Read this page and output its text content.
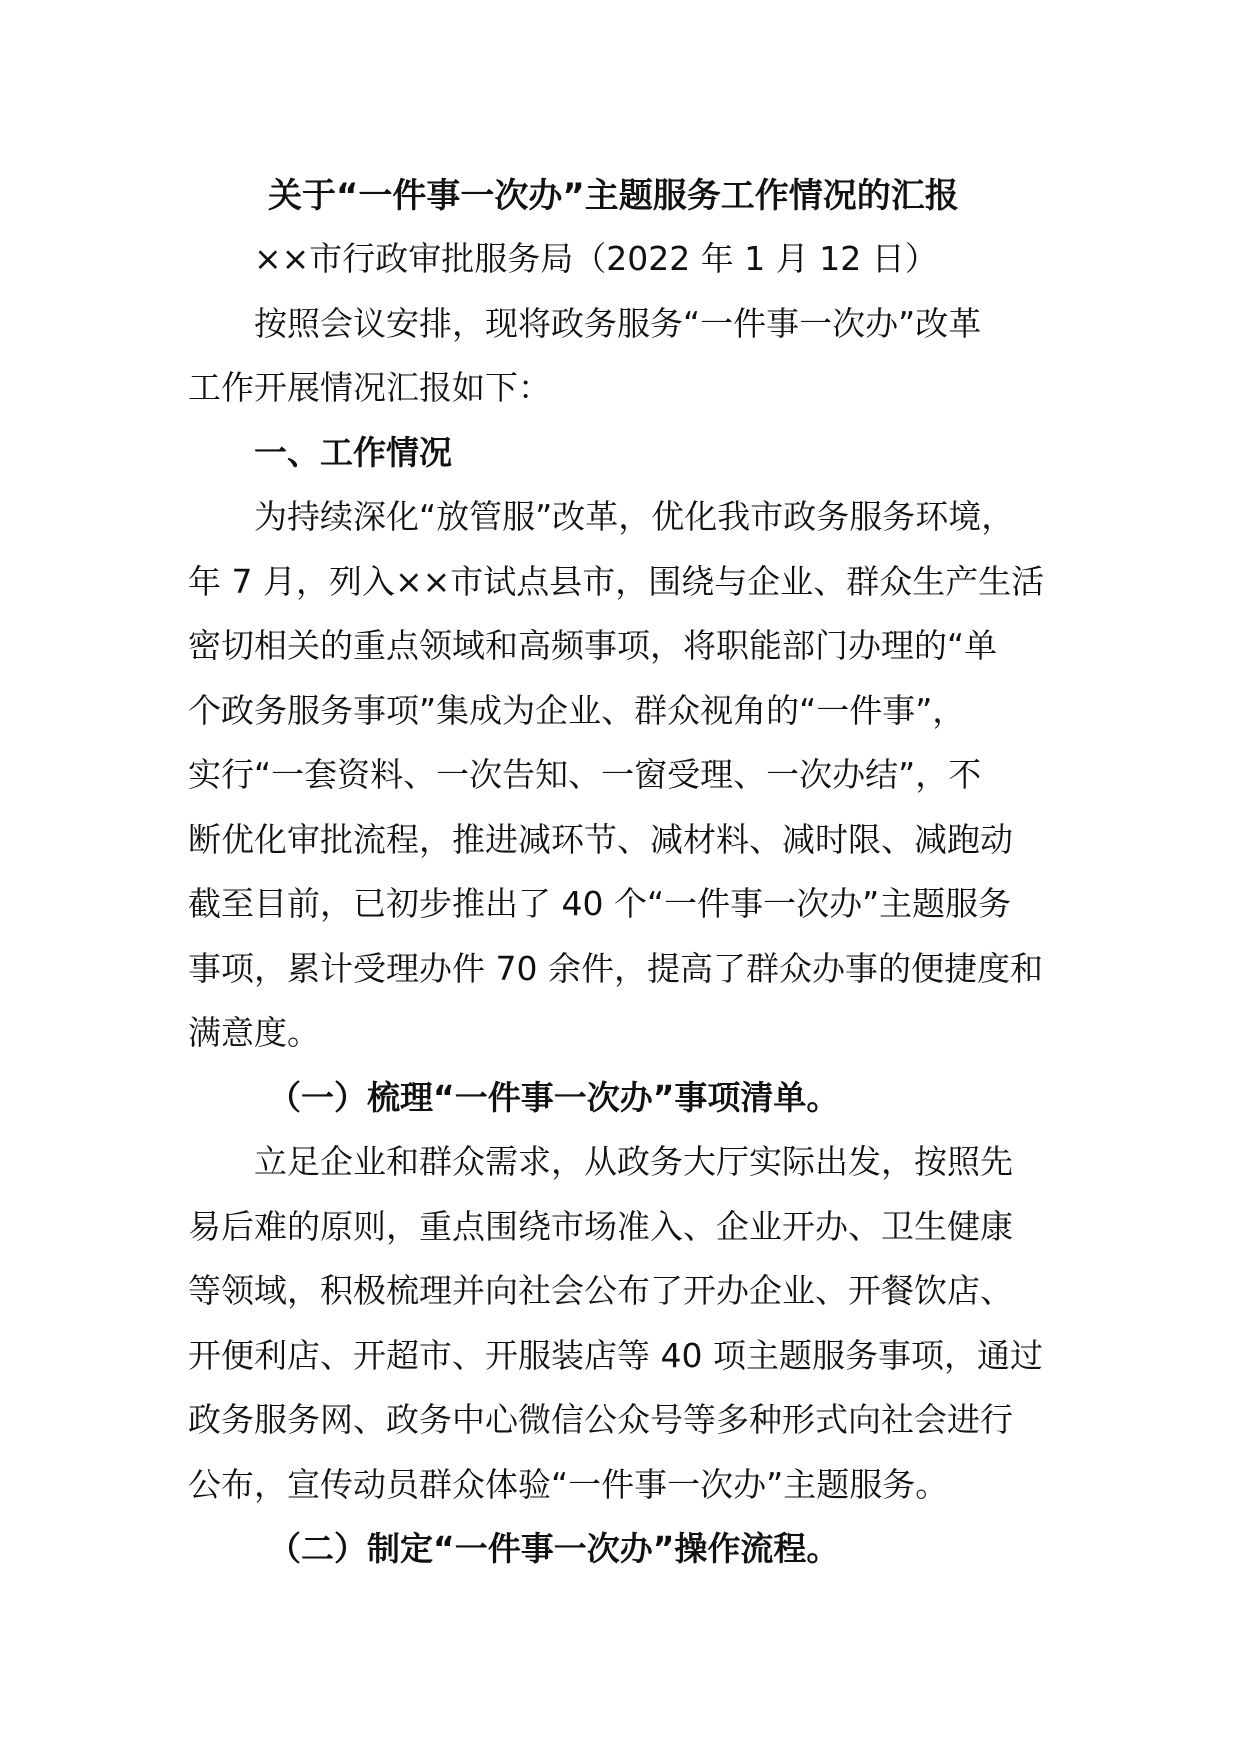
关于“一件事一次办”主题服务工作情况的汇报
××市行政审批服务局（2022 年 1 月 12 日）
按照会议安排，现将政务服务“一件事一次办”改革
工作开展情况汇报如下：
一、工作情况
为持续深化“放管服”改革，优化我市政务服务环境，
年 7 月，列入××市试点县市，围绕与企业、群众生产生活
密切相关的重点领域和高频事项，将职能部门办理的“单
个政务服务事项”集成为企业、群众视角的“一件事”，
实行“一套资料、一次告知、一窗受理、一次办结”，不
断优化审批流程，推进减环节、减材料、减时限、减跑动
截至目前，已初步推出了 40 个“一件事一次办”主题服务
事项，累计受理办件 70 余件，提高了群众办事的便捷度和
满意度。
（一）梳理“一件事一次办”事项清单。
立足企业和群众需求，从政务大厅实际出发，按照先
易后难的原则，重点围绕市场准入、企业开办、卫生健康
等领域，积极梳理并向社会公布了开办企业、开餐饮店、
开便利店、开超市、开服装店等 40 项主题服务事项，通过
政务服务网、政务中心微信公众号等多种形式向社会进行
公布，宣传动员群众体验“一件事一次办”主题服务。
（二）制定“一件事一次办”操作流程。
